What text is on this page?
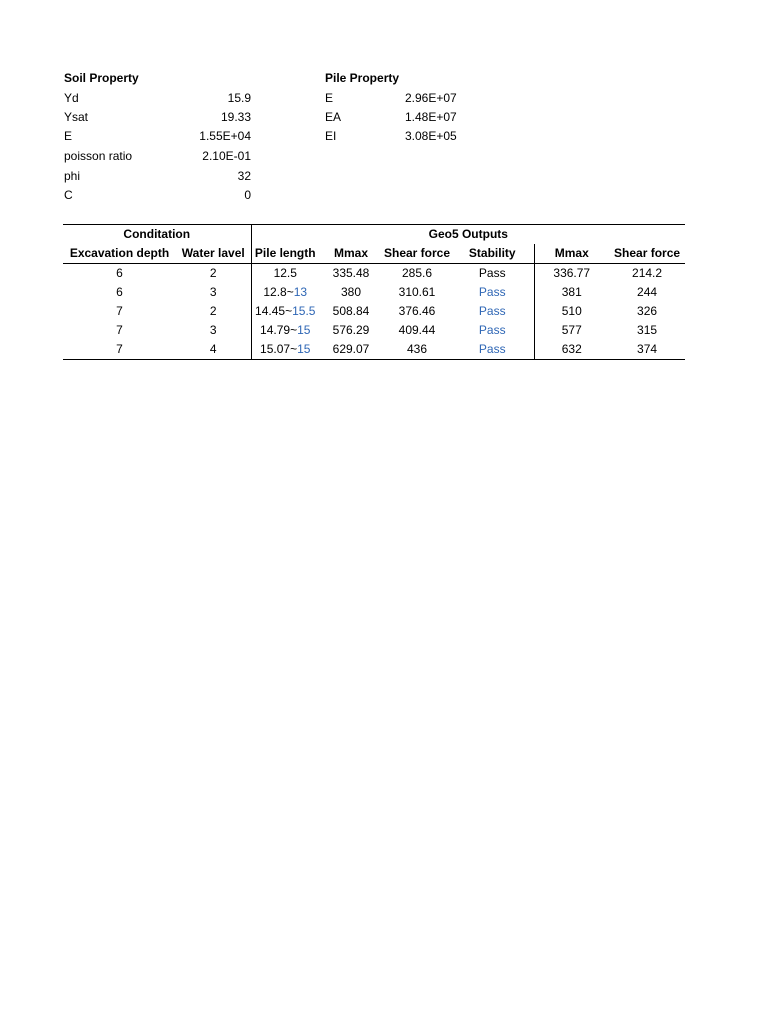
Soil Property
Yd	15.9
Ysat	19.33
E	1.55E+04
poisson ratio	2.10E-01
phi	32
C	0
Pile Property
E	2.96E+07
EA	1.48E+07
EI	3.08E+05
Conditation		Geo5 Outputs					
Excavation depth	Water lavel	Pile length	Mmax	Shear force	Stability	Mmax	Shear force
6	2	12.5	335.48	285.6	Pass	336.77	214.2
6	3	12.8~13	380	310.61	Pass	381	244
7	2	14.45~15.5	508.84	376.46	Pass	510	326
7	3	14.79~15	576.29	409.44	Pass	577	315
7	4	15.07~15	629.07	436	Pass	632	374
